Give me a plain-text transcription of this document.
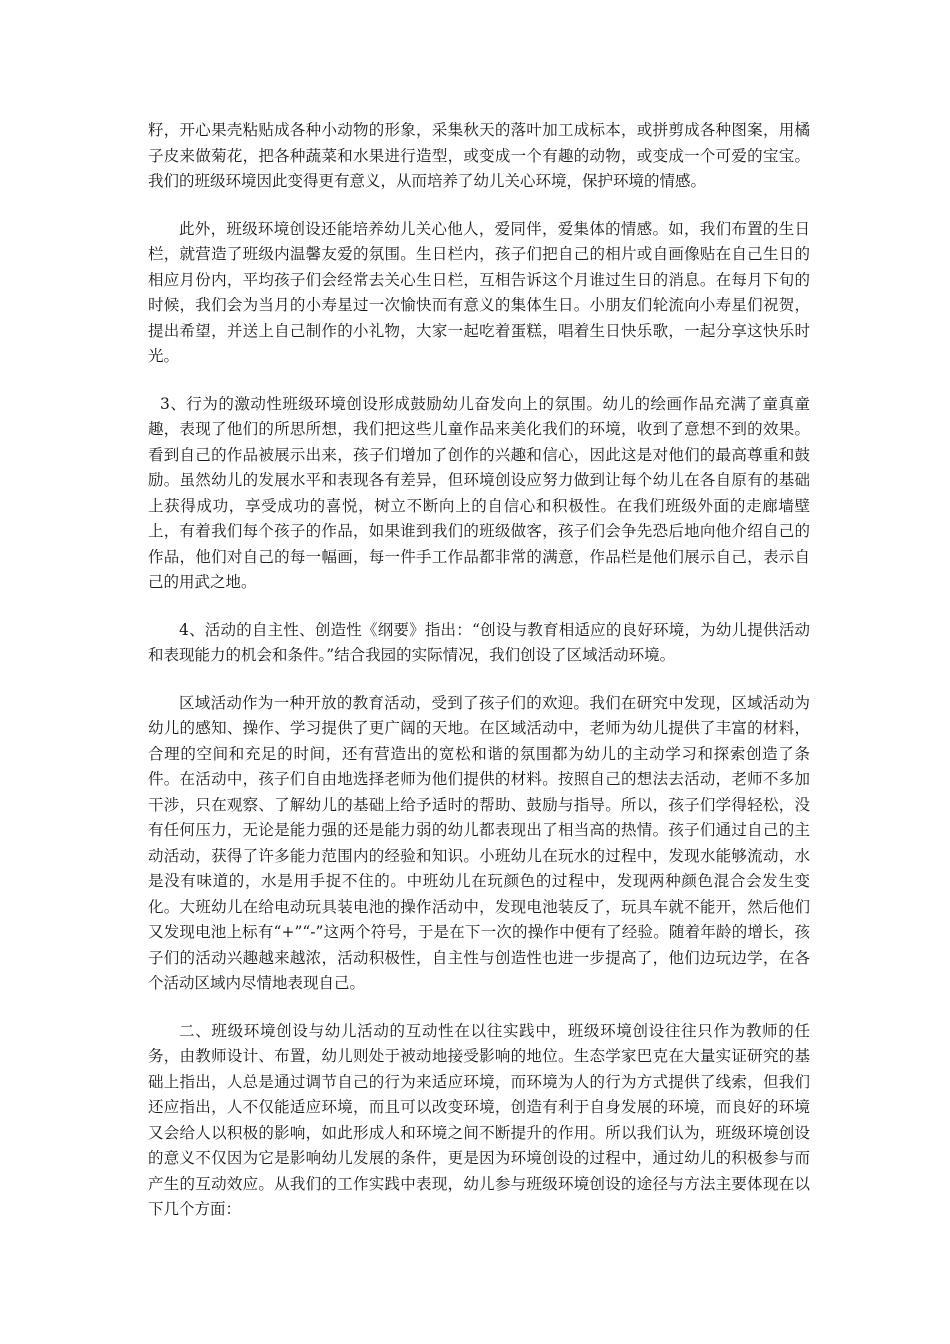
籽，开心果壳粘贴成各种小动物的形象，采集秋天的落叶加工成标本，或拼剪成各种图案，用橘子皮来做菊花，把各种蔬菜和水果进行造型，或变成一个有趣的动物，或变成一个可爱的宝宝。我们的班级环境因此变得更有意义，从而培养了幼儿关心环境，保护环境的情感。

此外，班级环境创设还能培养幼儿关心他人，爱同伴，爱集体的情感。如，我们布置的生日栏，就营造了班级内温馨友爱的氛围。生日栏内，孩子们把自己的相片或自画像贴在自己生日的相应月份内，平均孩子们会经常去关心生日栏，互相告诉这个月谁过生日的消息。在每月下旬的时候，我们会为当月的小寿星过一次愉快而有意义的集体生日。小朋友们轮流向小寿星们祝贺，提出希望，并送上自己制作的小礼物，大家一起吃着蛋糕，唱着生日快乐歌，一起分享这快乐时光。

3、行为的激动性班级环境创设形成鼓励幼儿奋发向上的氛围。幼儿的绘画作品充满了童真童趣，表现了他们的所思所想，我们把这些儿童作品来美化我们的环境，收到了意想不到的效果。看到自己的作品被展示出来，孩子们增加了创作的兴趣和信心，因此这是对他们的最高尊重和鼓励。虽然幼儿的发展水平和表现各有差异，但环境创设应努力做到让每个幼儿在各自原有的基础上获得成功，享受成功的喜悦，树立不断向上的自信心和积极性。在我们班级外面的走廊墙壁上，有着我们每个孩子的作品，如果谁到我们的班级做客，孩子们会争先恐后地向他介绍自己的作品，他们对自己的每一幅画，每一件手工作品都非常的满意，作品栏是他们展示自己，表示自己的用武之地。

4、活动的自主性、创造性《纲要》指出：“创设与教育相适应的良好环境，为幼儿提供活动和表现能力的机会和条件。”结合我园的实际情况，我们创设了区域活动环境。

区域活动作为一种开放的教育活动，受到了孩子们的欢迎。我们在研究中发现，区域活动为幼儿的感知、操作、学习提供了更广阔的天地。在区域活动中，老师为幼儿提供了丰富的材料，合理的空间和充足的时间，还有营造出的宽松和谐的氛围都为幼儿的主动学习和探索创造了条件。在活动中，孩子们自由地选择老师为他们提供的材料。按照自己的想法去活动，老师不多加干涉，只在观察、了解幼儿的基础上给予适时的帮助、鼓励与指导。所以，孩子们学得轻松，没有任何压力，无论是能力强的还是能力弱的幼儿都表现出了相当高的热情。孩子们通过自己的主动活动，获得了许多能力范围内的经验和知识。小班幼儿在玩水的过程中，发现水能够流动，水是没有味道的，水是用手捉不住的。中班幼儿在玩颜色的过程中，发现两种颜色混合会发生变化。大班幼儿在给电动玩具装电池的操作活动中，发现电池装反了，玩具车就不能开，然后他们又发现电池上标有“+”“-”这两个符号，于是在下一次的操作中便有了经验。随着年龄的增长，孩子们的活动兴趣越来越浓，活动积极性，自主性与创造性也进一步提高了，他们边玩边学，在各个活动区域内尽情地表现自己。

二、班级环境创设与幼儿活动的互动性在以往实践中，班级环境创设往往只作为教师的任务，由教师设计、布置，幼儿则处于被动地接受影响的地位。生态学家巴克在大量实证研究的基础上指出，人总是通过调节自己的行为来适应环境，而环境为人的行为方式提供了线索，但我们还应指出，人不仅能适应环境，而且可以改变环境，创造有利于自身发展的环境，而良好的环境又会给人以积极的影响，如此形成人和环境之间不断提升的作用。所以我们认为，班级环境创设的意义不仅因为它是影响幼儿发展的条件，更是因为环境创设的过程中，通过幼儿的积极参与而产生的互动效应。从我们的工作实践中表现，幼儿参与班级环境创设的途径与方法主要体现在以下几个方面：
